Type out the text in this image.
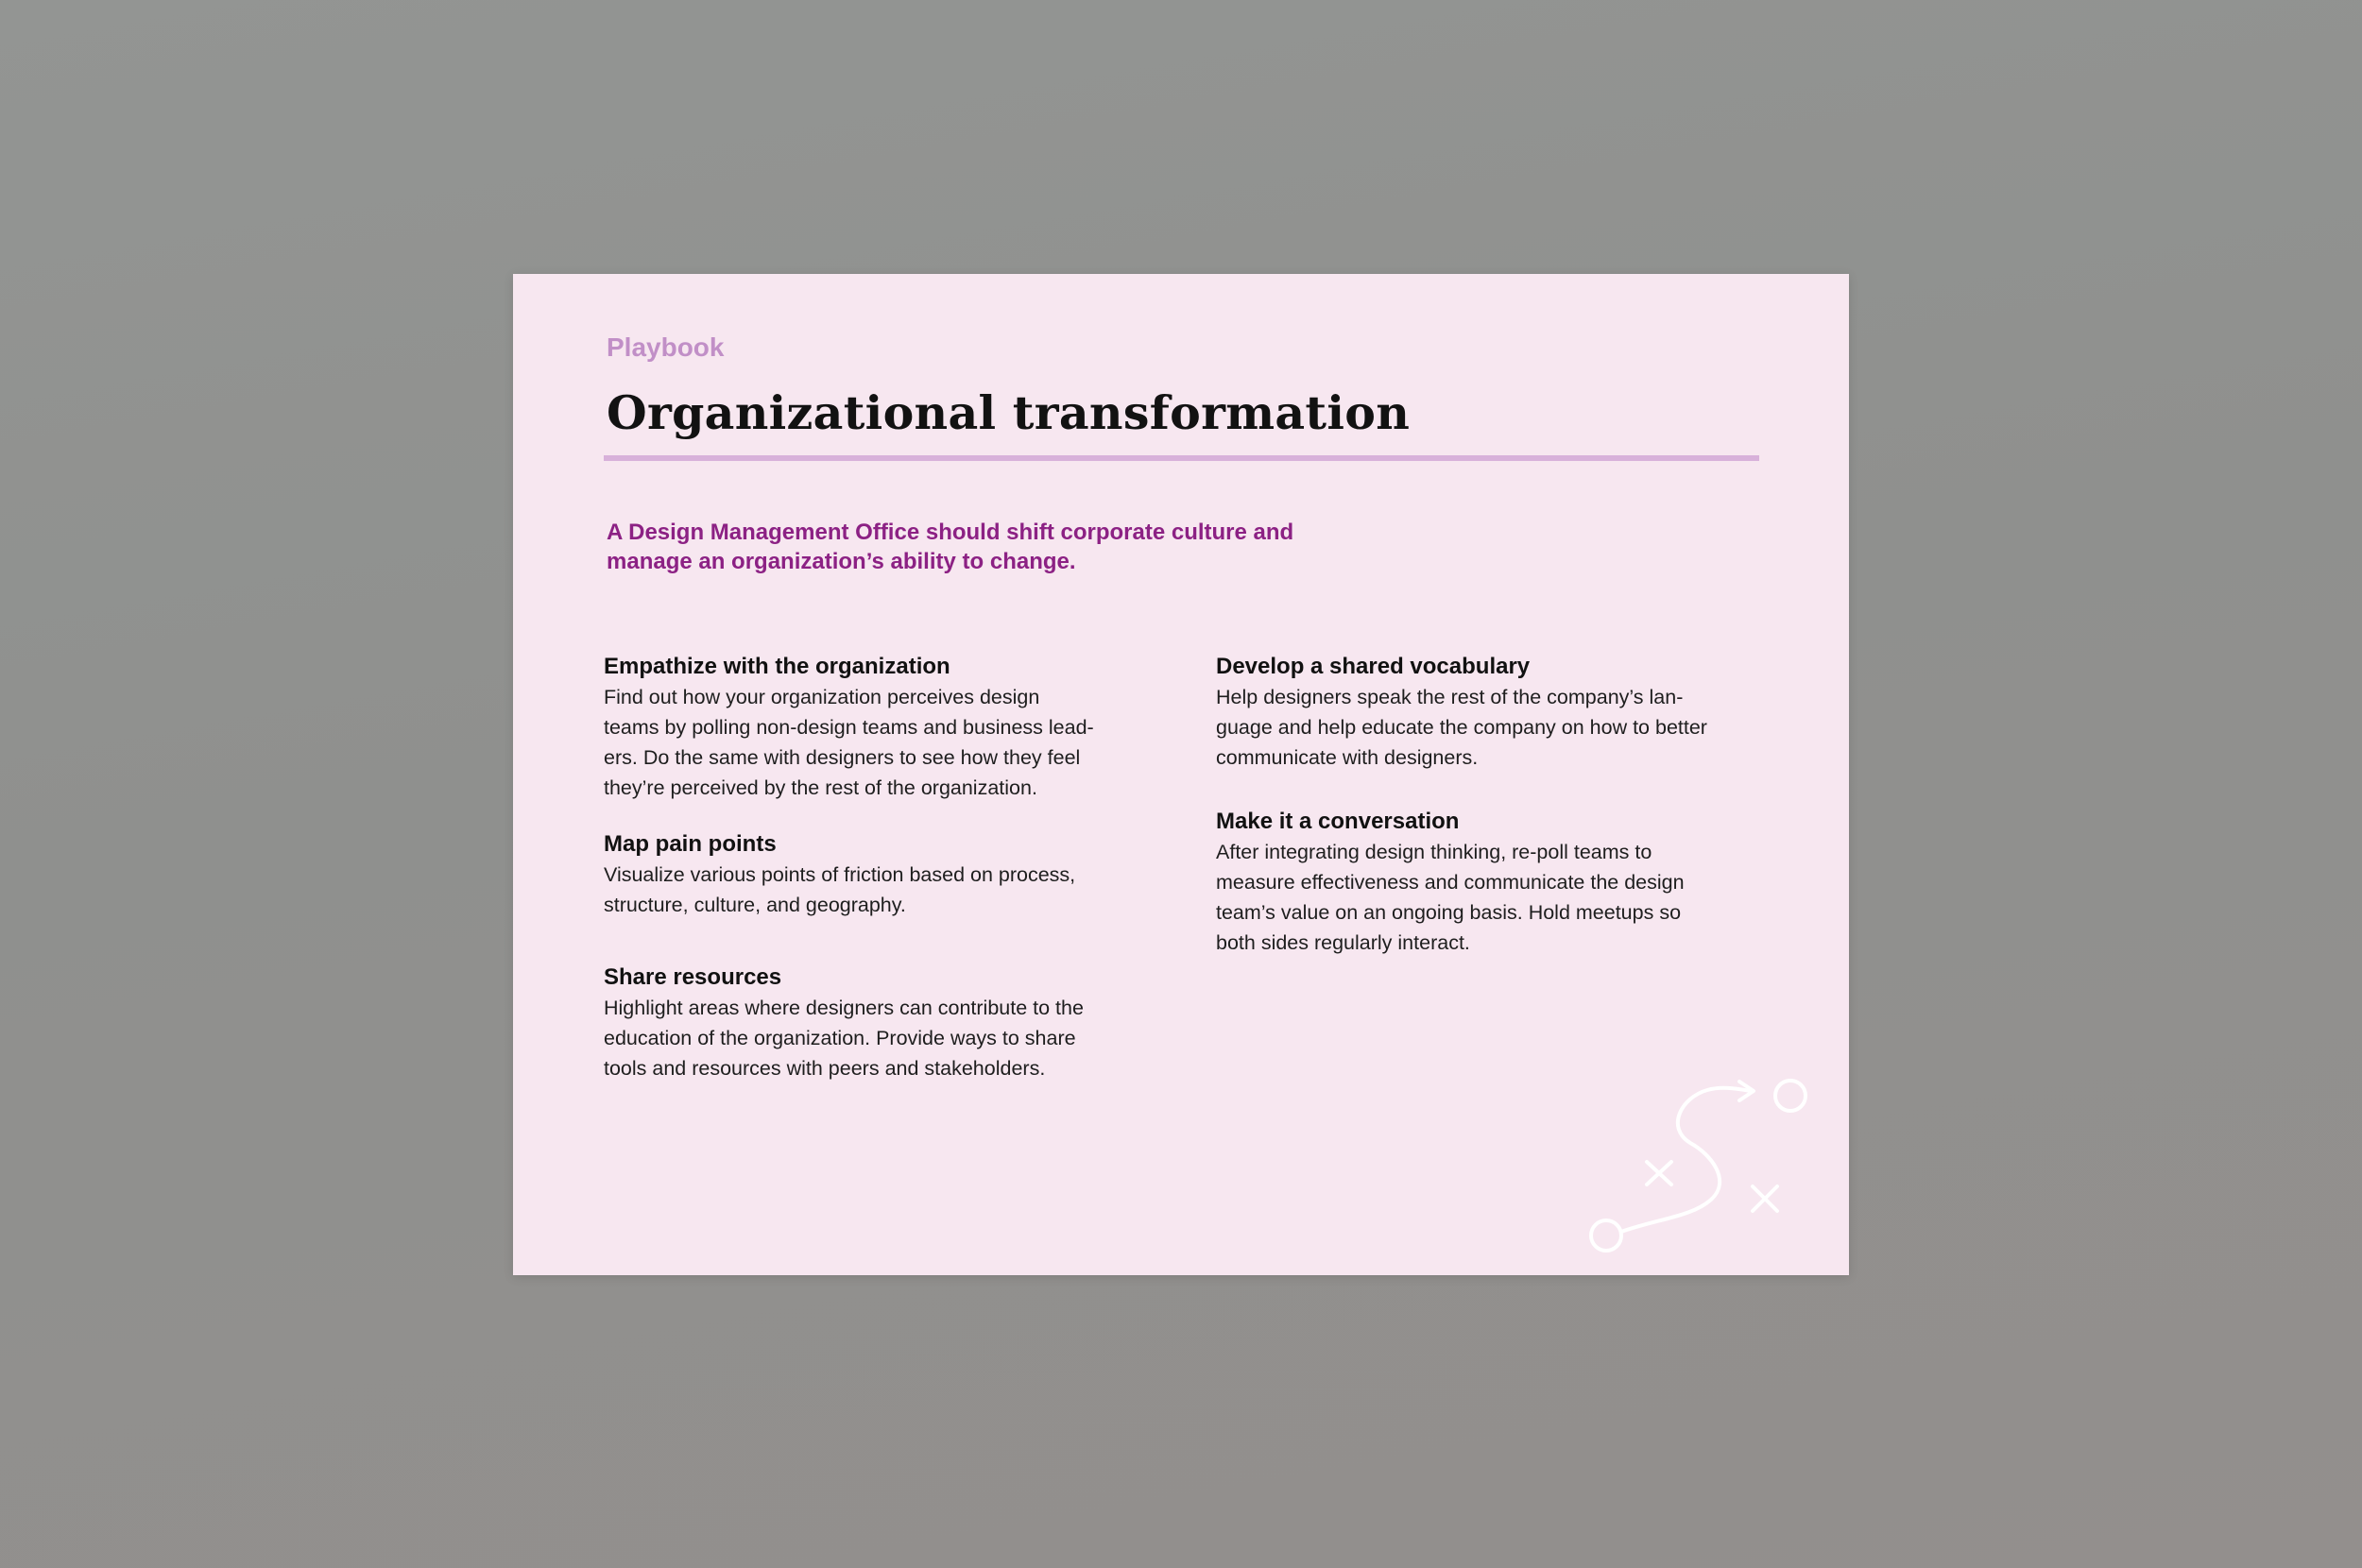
Playbook
Organizational transformation
A Design Management Office should shift corporate culture and
manage an organization’s ability to change.
Empathize with the organization

Find out how your organization perceives design
teams by polling non-design teams and business lead-
ers. Do the same with designers to see how they feel
they’re perceived by the rest of the organization.

Map pain points

Visualize various points of friction based on process,
structure, culture, and geography.

Share resources

Highlight areas where designers can contribute to the
education of the organization. Provide ways to share
tools and resources with peers and stakeholders.

Develop a shared vocabulary

Help designers speak the rest of the company’s lan-
guage and help educate the company on how to better
communicate with designers.

Make it a conversation

After integrating design thinking, re-poll teams to
measure effectiveness and communicate the design
team’s value on an ongoing basis. Hold meetups so
both sides regularly interact.
